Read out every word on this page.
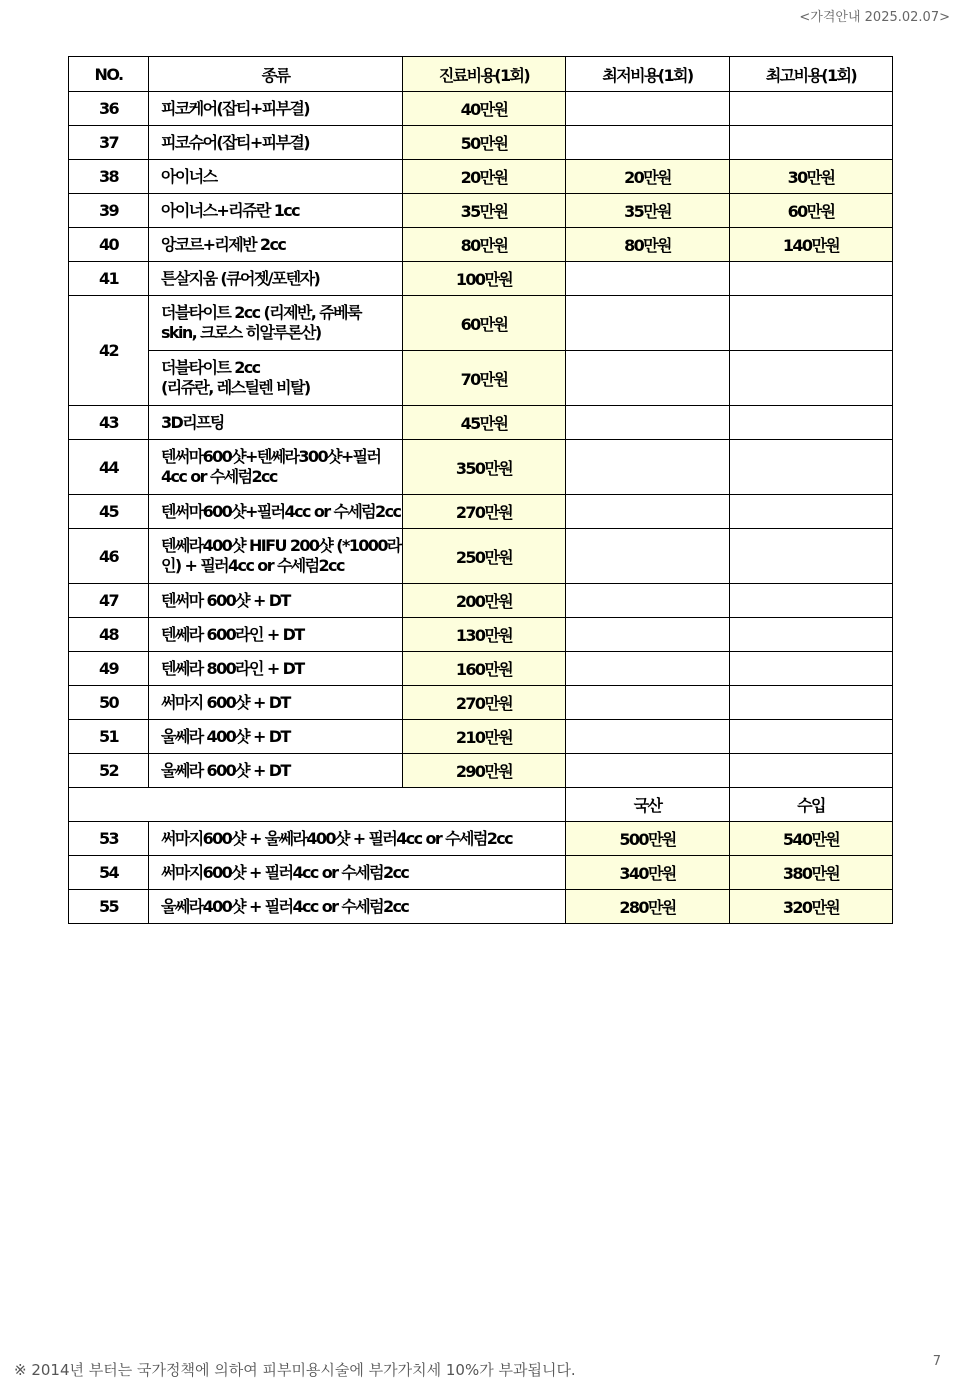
<가격안내 2025.02.07>
NO.	종류	진료비용(1회)	최저비용(1회)	최고비용(1회)
36	피코케어(잡티+피부결)	40만원		
37	피코슈어(잡티+피부결)	50만원		
38	아이너스	20만원	20만원	30만원
39	아이너스+리쥬란 1cc	35만원	35만원	60만원
40	앙코르+리제반 2cc	80만원	80만원	140만원
41	튼살지움 (큐어젯/포텐자)	100만원		
42	더블타이트 2cc (리제반, 쥬베룩
skin, 크로스 히알루론산)	60만원		
	더블타이트 2cc
(리쥬란, 레스틸렌 비탈)	70만원		
43	3D리프팅	45만원		
44	텐써마600샷+텐쎄라300샷+필러
4cc or 수세럼2cc	350만원		
45	텐써마600샷+필러4cc or 수세럼2cc	270만원		
46	텐쎄라400샷 HIFU 200샷 (*1000라
인) + 필러4cc or 수세럼2cc	250만원		
47	텐써마 600샷 + DT	200만원		
48	텐쎄라 600라인 + DT	130만원		
49	텐쎄라 800라인 + DT	160만원		
50	써마지 600샷 + DT	270만원		
51	울쎄라 400샷 + DT	210만원		
52	울쎄라 600샷 + DT	290만원		
			국산	수입
53	써마지600샷 + 울쎄라400샷 + 필러4cc or 수세럼2cc		500만원	540만원
54	써마지600샷 + 필러4cc or 수세럼2cc		340만원	380만원
55	울쎄라400샷 + 필러4cc or 수세럼2cc		280만원	320만원
※ 2014년 부터는 국가정책에 의하여 피부미용시술에 부가가치세 10%가 부과됩니다.	7
